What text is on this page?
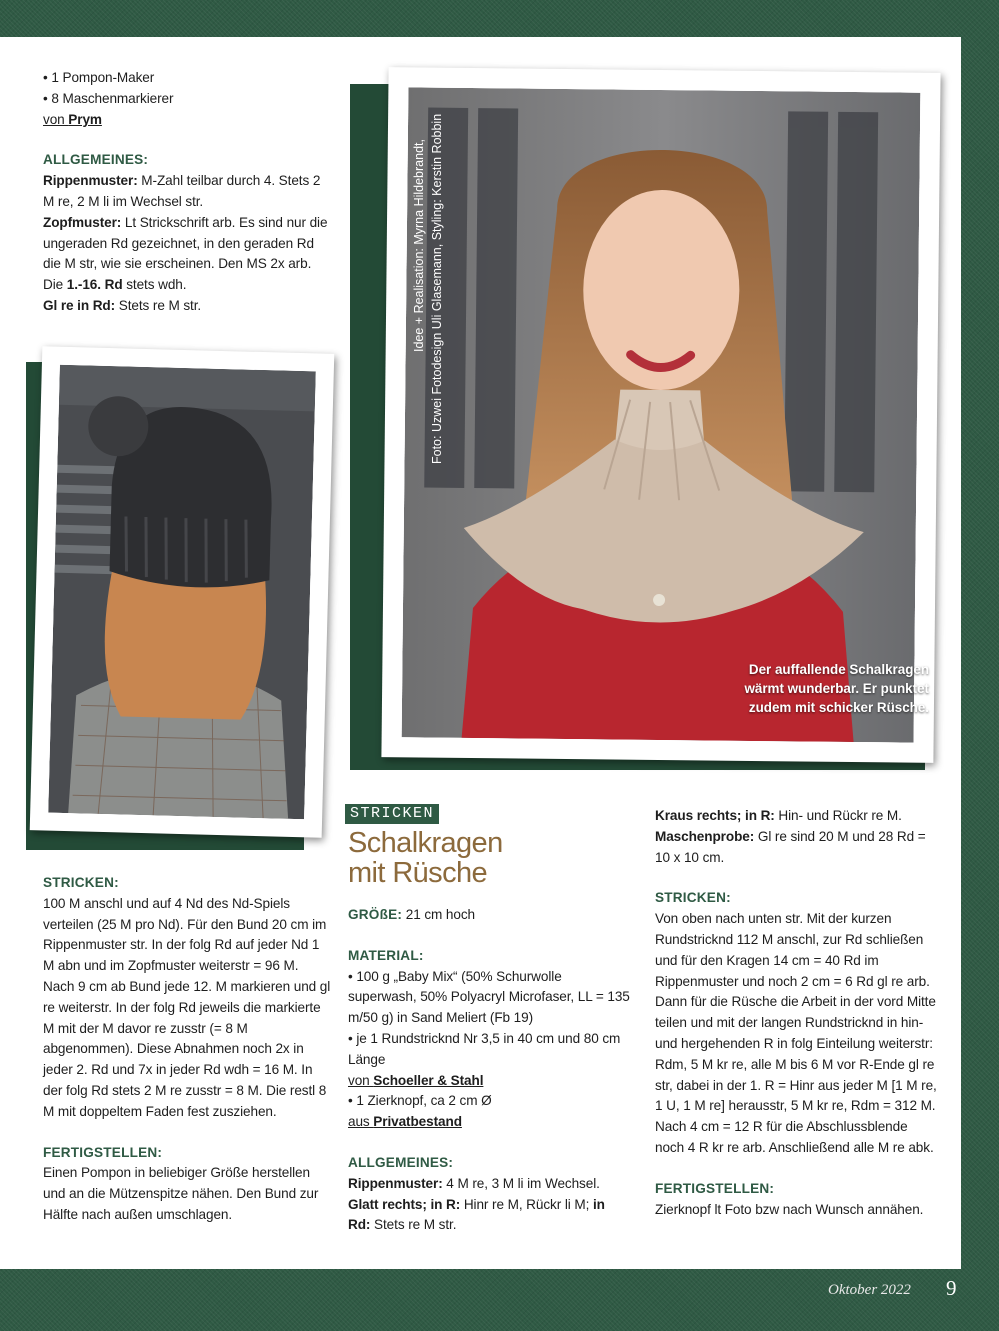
• 1 Pompon-Maker

• 8 Maschenmarkierer

von Prym

ALLGEMEINES:

Rippenmuster: M-Zahl teilbar durch 4. Stets 2 M re, 2 M li im Wechsel str.

Zopfmuster: Lt Strickschrift arb. Es sind nur die ungeraden Rd gezeichnet, in den geraden Rd die M str, wie sie erscheinen. Den MS 2x arb. Die 1.-16. Rd stets wdh.

Gl re in Rd: Stets re M str.	Idee + Realisation: Myrna Hildebrandt, Foto: Uzwei Fotodesign Uli Glasemann, Styling: Kerstin Robbin
Der auffallende Schalkragen
wärmt wunderbar. Er punktet
zudem mit schicker Rüsche.

STRICKEN:

100 M anschl und auf 4 Nd des Nd-Spiels verteilen (25 M pro Nd). Für den Bund 20 cm im Rippenmuster str. In der folg Rd auf jeder Nd 1 M abn und im Zopfmuster weiterstr = 96 M. Nach 9 cm ab Bund jede 12. M markieren und gl re weiterstr. In der folg Rd jeweils die markierte M mit der M davor re zusstr (= 8 M abgenommen). Diese Abnahmen noch 2x in jeder 2. Rd und 7x in jeder Rd wdh = 16 M. In der folg Rd stets 2 M re zusstr = 8 M. Die restl 8 M mit doppeltem Faden fest zusziehen.

FERTIGSTELLEN:

Einen Pompon in beliebiger Größe herstellen und an die Mützenspitze nähen. Den Bund zur Hälfte nach außen umschlagen.

STRICKEN
Schalkragen
mit Rüsche

GRÖßE: 21 cm hoch

MATERIAL:

• 100 g „Baby Mix“ (50% Schurwolle superwash, 50% Polyacryl Microfaser, LL = 135 m/50 g) in Sand Meliert (Fb 19)

• je 1 Rundstricknd Nr 3,5 in 40 cm und 80 cm Länge

von Schoeller & Stahl

• 1 Zierknopf, ca 2 cm Ø

aus Privatbestand

ALLGEMEINES:

Rippenmuster: 4 M re, 3 M li im Wechsel.

Glatt rechts; in R: Hinr re M, Rückr li M; in Rd: Stets re M str.

Kraus rechts; in R: Hin- und Rückr re M.

Maschenprobe: Gl re sind 20 M und 28 Rd = 10 x 10 cm.

STRICKEN:

Von oben nach unten str. Mit der kurzen Rundstricknd 112 M anschl, zur Rd schließen und für den Kragen 14 cm = 40 Rd im Rippenmuster und noch 2 cm = 6 Rd gl re arb. Dann für die Rüsche die Arbeit in der vord Mitte teilen und mit der langen Rundstricknd in hin- und hergehenden R in folg Einteilung weiterstr: Rdm, 5 M kr re, alle M bis 6 M vor R-Ende gl re str, dabei in der 1. R = Hinr aus jeder M [1 M re, 1 U, 1 M re] herausstr, 5 M kr re, Rdm = 312 M. Nach 4 cm = 12 R für die Abschlussblende noch 4 R kr re arb. Anschließend alle M re abk.

FERTIGSTELLEN:

Zierknopf lt Foto bzw nach Wunsch annähen.

Oktober 2022 9
